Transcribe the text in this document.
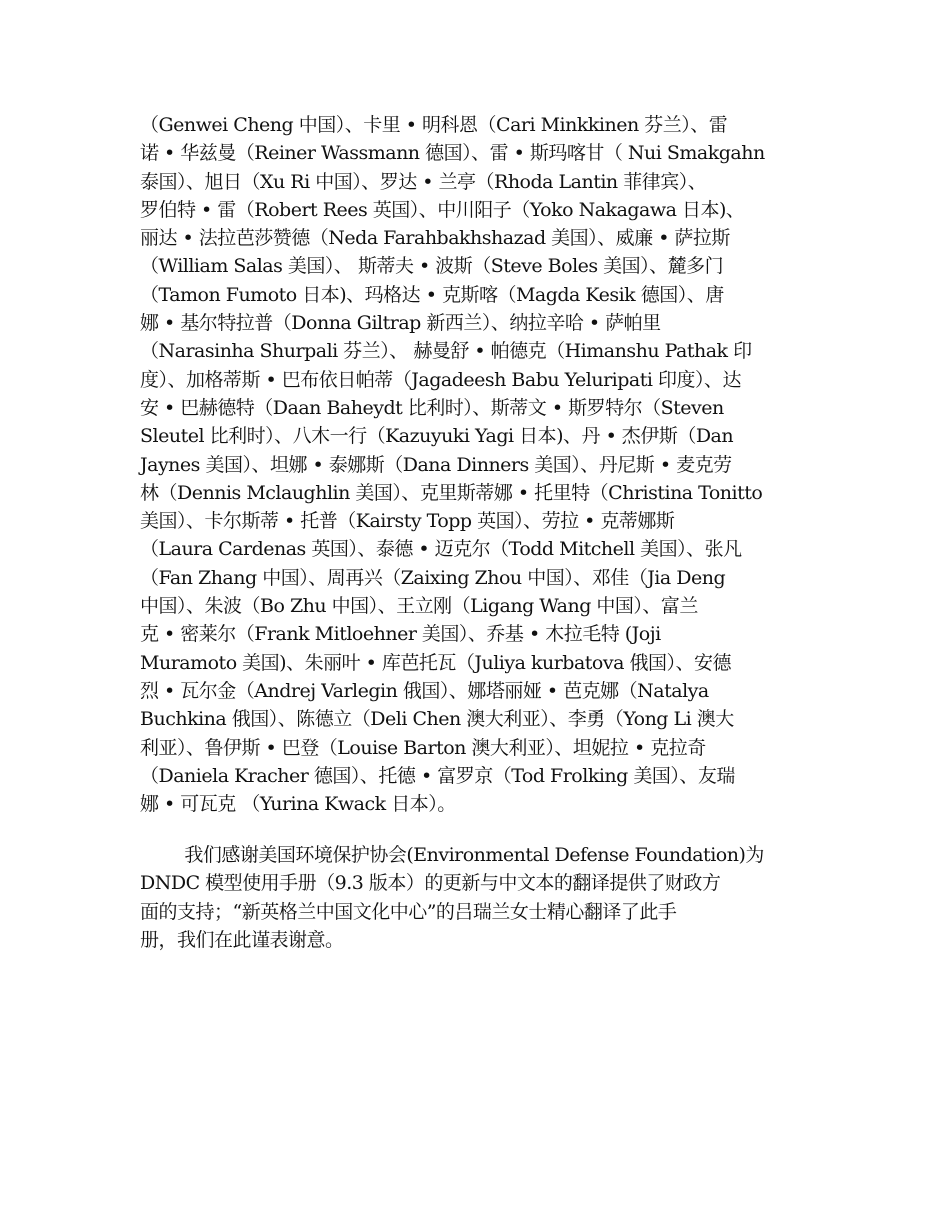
（Genwei Cheng 中国）、卡里 • 明科恩（Cari Minkkinen 芬兰）、雷
诺 • 华兹曼（Reiner Wassmann 德国）、雷 • 斯玛喀甘（ Nui Smakgahn
泰国）、旭日（Xu Ri 中国）、罗达 • 兰亭（Rhoda Lantin 菲律宾）、
罗伯特 • 雷（Robert Rees 英国）、中川阳子（Yoko Nakagawa 日本)、
丽达 • 法拉芭莎赞德（Neda Farahbakhshazad 美国）、威廉 • 萨拉斯
（William Salas 美国）、 斯蒂夫 • 波斯（Steve Boles 美国）、麓多门
（Tamon Fumoto 日本)、玛格达 • 克斯喀（Magda Kesik 德国）、唐
娜 • 基尔特拉普（Donna Giltrap 新西兰）、纳拉辛哈 • 萨帕里
（Narasinha Shurpali 芬兰）、 赫曼舒 • 帕德克（Himanshu Pathak 印
度）、加格蒂斯 • 巴布依日帕蒂（Jagadeesh Babu Yeluripati 印度）、达
安 • 巴赫德特（Daan Baheydt 比利时）、斯蒂文 • 斯罗特尔（Steven
Sleutel 比利时）、八木一行（Kazuyuki Yagi 日本)、丹 • 杰伊斯（Dan
Jaynes 美国）、坦娜 • 泰娜斯（Dana Dinners 美国）、丹尼斯 • 麦克劳
林（Dennis Mclaughlin 美国）、克里斯蒂娜 • 托里特（Christina Tonitto
美国）、卡尔斯蒂 • 托普（Kairsty Topp 英国）、劳拉 • 克蒂娜斯
（Laura Cardenas 英国）、泰德 • 迈克尔（Todd Mitchell 美国）、张凡
（Fan Zhang 中国）、周再兴（Zaixing Zhou 中国）、邓佳（Jia Deng
中国）、朱波（Bo Zhu 中国）、王立刚（Ligang Wang 中国）、富兰
克 • 密莱尔（Frank Mitloehner 美国）、乔基 • 木拉毛特 (Joji
Muramoto 美国)、朱丽叶 • 库芭托瓦（Juliya kurbatova 俄国）、安德
烈 • 瓦尔金（Andrej Varlegin 俄国）、娜塔丽娅 • 芭克娜（Natalya
Buchkina 俄国）、陈德立（Deli Chen 澳大利亚）、李勇（Yong Li 澳大
利亚）、鲁伊斯 • 巴登（Louise Barton 澳大利亚）、坦妮拉 • 克拉奇
（Daniela Kracher 德国）、托德 • 富罗京（Tod Frolking 美国）、友瑞
娜 • 可瓦克 （Yurina Kwack 日本）。
我们感谢美国环境保护协会(Environmental Defense Foundation)为
DNDC 模型使用手册（9.3 版本）的更新与中文本的翻译提供了财政方
面的支持；“新英格兰中国文化中心”的吕瑞兰女士精心翻译了此手
册，我们在此谨表谢意。
